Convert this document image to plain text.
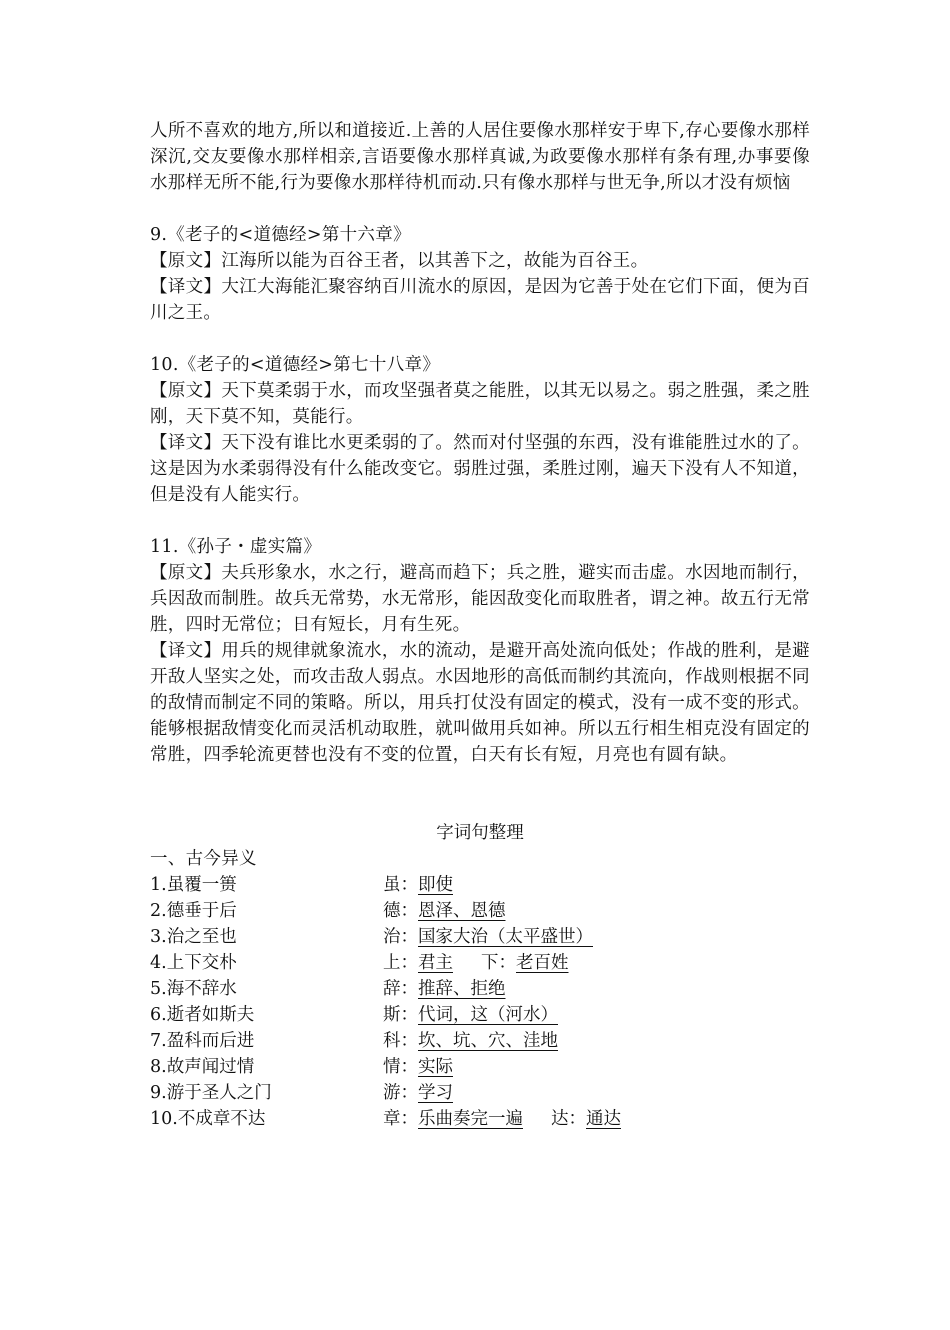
人所不喜欢的地方,所以和道接近.上善的人居住要像水那样安于卑下,存心要像水那样深沉,交友要像水那样相亲,言语要像水那样真诚,为政要像水那样有条有理,办事要像水那样无所不能,行为要像水那样待机而动.只有像水那样与世无争,所以才没有烦恼

9.《老子的<道德经>第十六章》

【原文】江海所以能为百谷王者，以其善下之，故能为百谷王。

【译文】大江大海能汇聚容纳百川流水的原因，是因为它善于处在它们下面，便为百川之王。

10.《老子的<道德经>第七十八章》

【原文】天下莫柔弱于水，而攻坚强者莫之能胜，以其无以易之。弱之胜强，柔之胜刚，天下莫不知，莫能行。

【译文】天下没有谁比水更柔弱的了。然而对付坚强的东西，没有谁能胜过水的了。这是因为水柔弱得没有什么能改变它。弱胜过强，柔胜过刚，遍天下没有人不知道，但是没有人能实行。

11.《孙子・虚实篇》

【原文】夫兵形象水，水之行，避高而趋下；兵之胜，避实而击虚。水因地而制行，兵因敌而制胜。故兵无常势，水无常形，能因敌变化而取胜者，谓之神。故五行无常胜，四时无常位；日有短长，月有生死。

【译文】用兵的规律就象流水，水的流动，是避开高处流向低处；作战的胜利，是避开敌人坚实之处，而攻击敌人弱点。水因地形的高低而制约其流向，作战则根据不同的敌情而制定不同的策略。所以，用兵打仗没有固定的模式，没有一成不变的形式。能够根据敌情变化而灵活机动取胜，就叫做用兵如神。所以五行相生相克没有固定的常胜，四季轮流更替也没有不变的位置，白天有长有短，月亮也有圆有缺。

字词句整理

一、古今异义

1.虽覆一篑	虽：即使
2.德垂于后	德：恩泽、恩德
3.治之至也	治：国家大治（太平盛世）
4.上下交朴	上：君主 下：老百姓
5.海不辞水	辞：推辞、拒绝
6.逝者如斯夫	斯：代词，这（河水）
7.盈科而后进	科：坎、坑、穴、洼地
8.故声闻过情	情：实际
9.游于圣人之门	游：学习
10.不成章不达	章：乐曲奏完一遍 达：通达
